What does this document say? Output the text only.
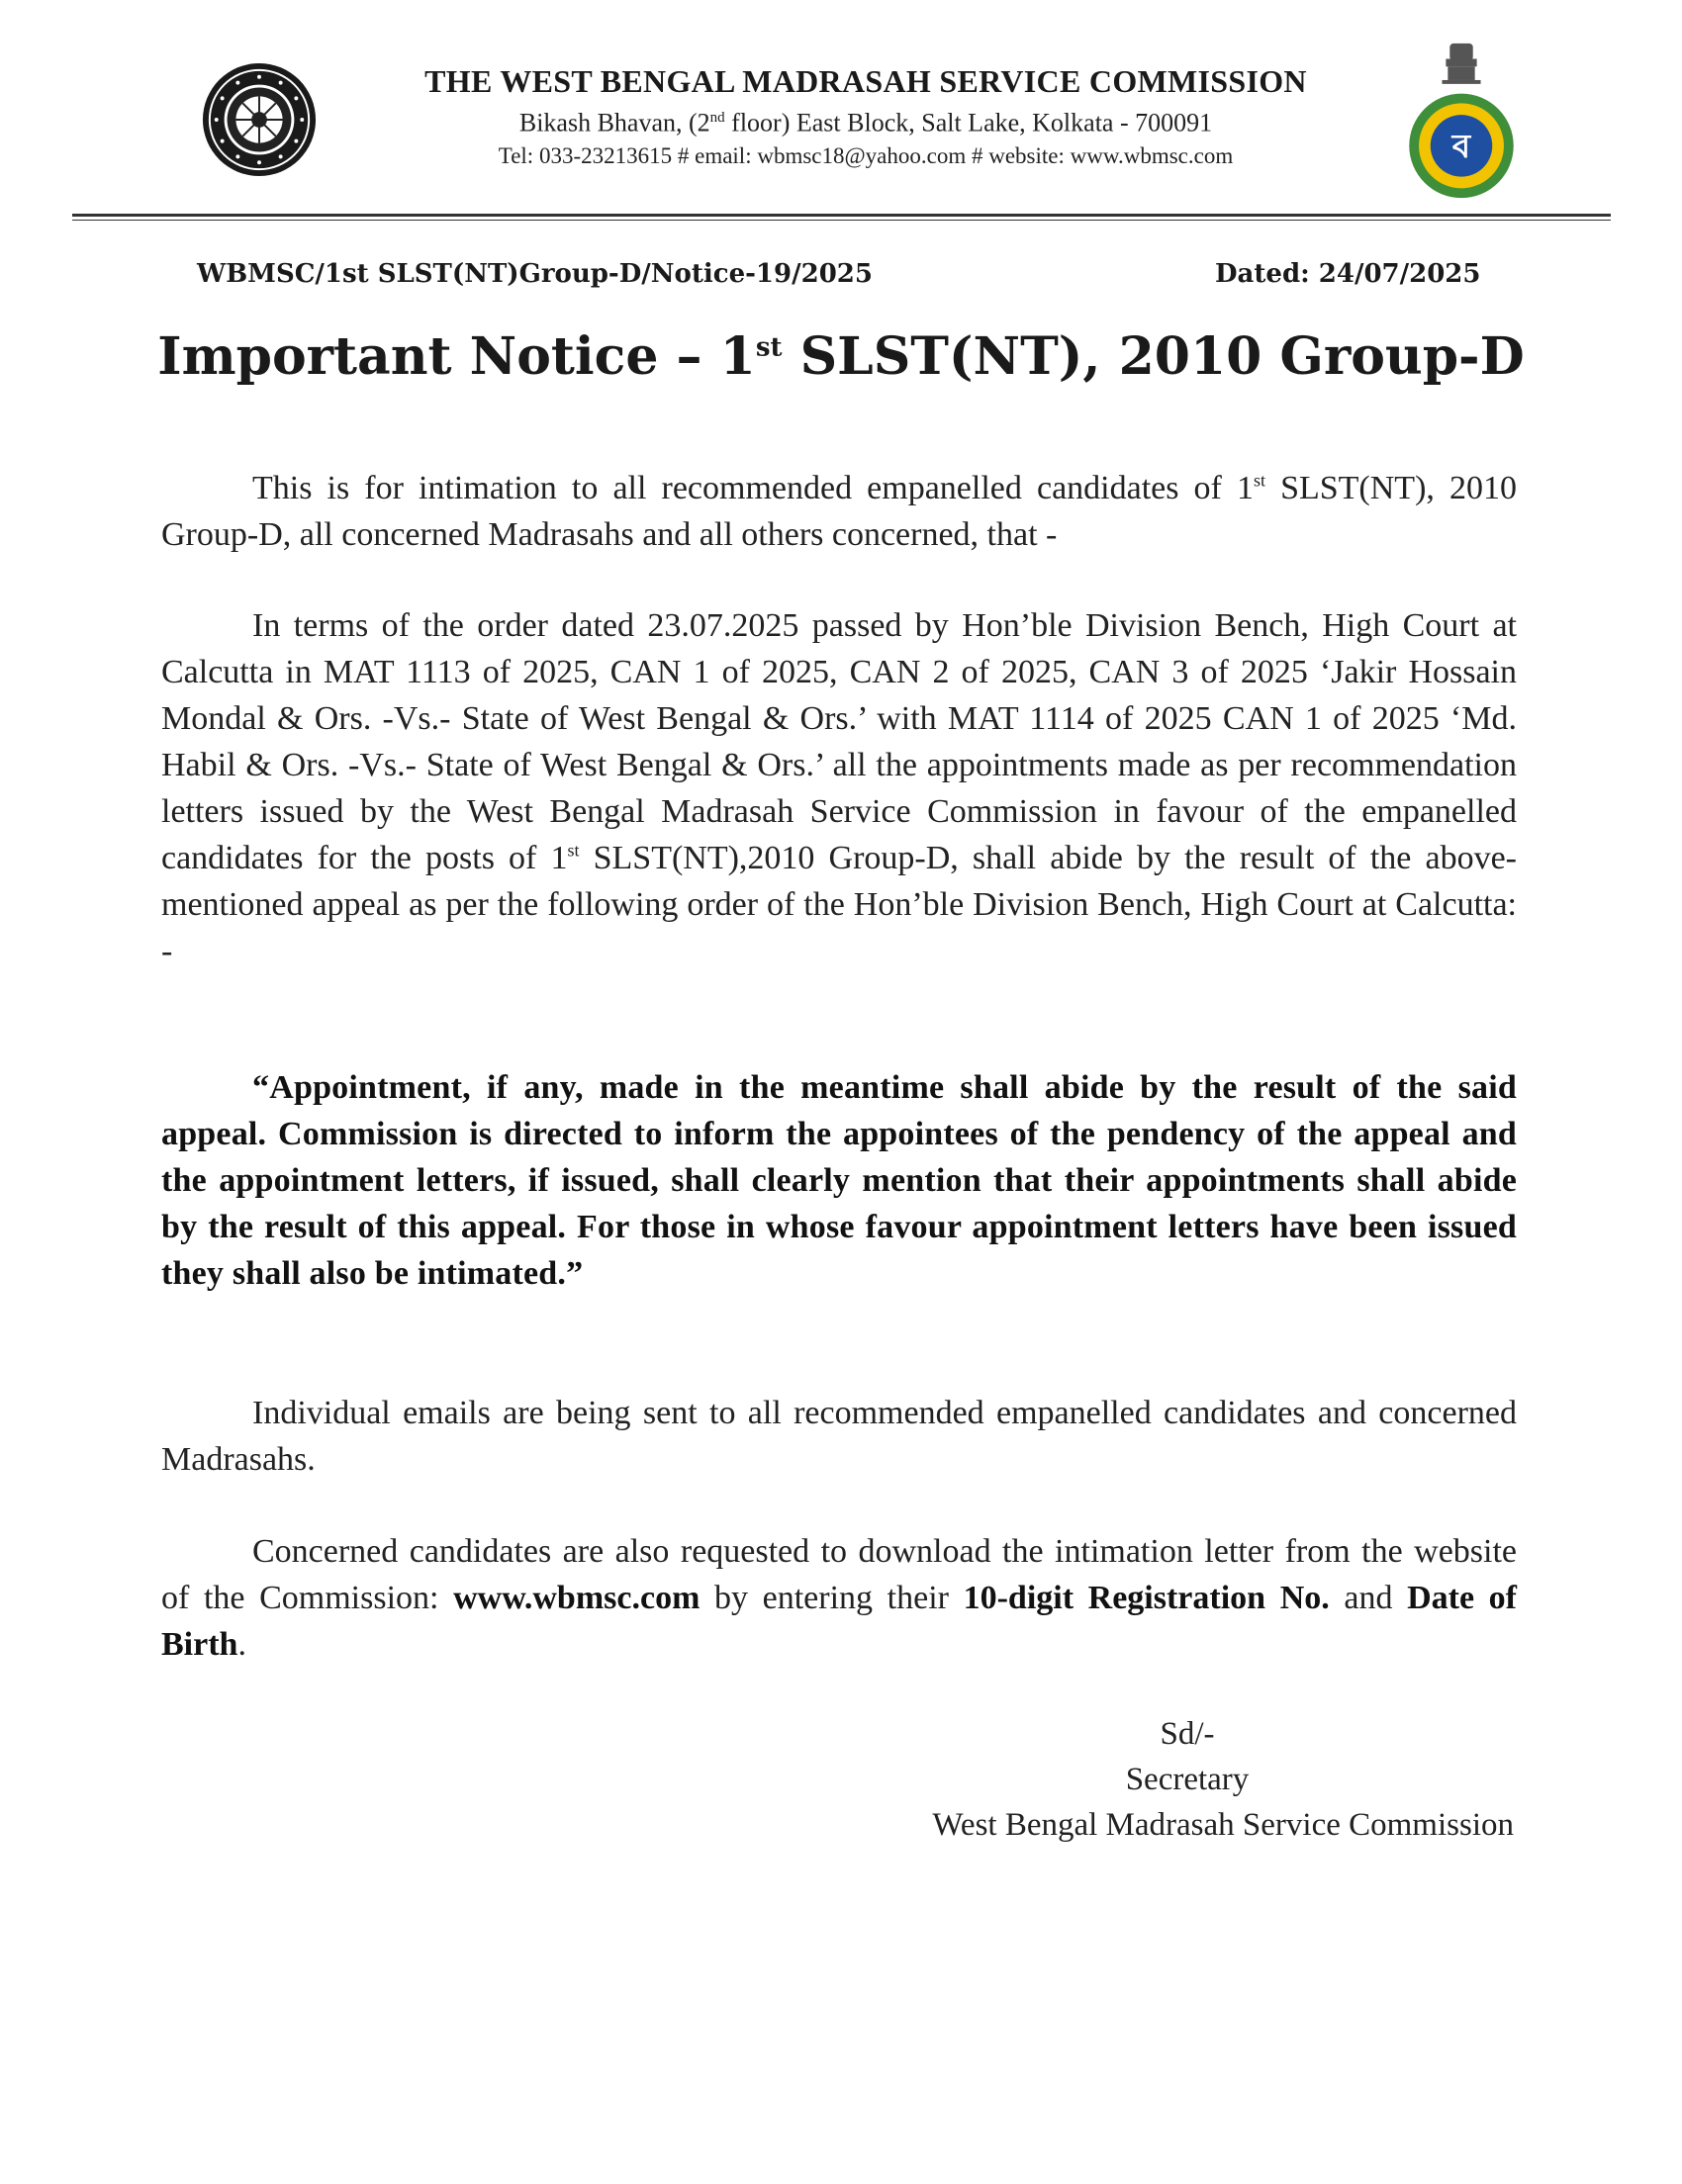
THE WEST BENGAL MADRASAH SERVICE COMMISSION
Bikash Bhavan, (2nd floor) East Block, Salt Lake, Kolkata - 700091
Tel: 033-23213615 # email: wbmsc18@yahoo.com # website: www.wbmsc.com	ব
WBMSC/1st SLST(NT)Group-D/Notice-19/2025	Dated: 24/07/2025
Important Notice – 1st SLST(NT), 2010 Group-D

This is for intimation to all recommended empanelled candidates of 1st SLST(NT), 2010 Group-D, all concerned Madrasahs and all others concerned, that -

In terms of the order dated 23.07.2025 passed by Hon’ble Division Bench, High Court at Calcutta in MAT 1113 of 2025, CAN 1 of 2025, CAN 2 of 2025, CAN 3 of 2025 ‘Jakir Hossain Mondal & Ors. -Vs.- State of West Bengal & Ors.’ with MAT 1114 of 2025 CAN 1 of 2025 ‘Md. Habil & Ors. -Vs.- State of West Bengal & Ors.’ all the appointments made as per recommendation letters issued by the West Bengal Madrasah Service Commission in favour of the empanelled candidates for the posts of 1st SLST(NT),2010 Group-D, shall abide by the result of the above-mentioned appeal as per the following order of the Hon’ble Division Bench, High Court at Calcutta: -

“Appointment, if any, made in the meantime shall abide by the result of the said appeal. Commission is directed to inform the appointees of the pendency of the appeal and the appointment letters, if issued, shall clearly mention that their appointments shall abide by the result of this appeal. For those in whose favour appointment letters have been issued they shall also be intimated.”

Individual emails are being sent to all recommended empanelled candidates and concerned Madrasahs.

Concerned candidates are also requested to download the intimation letter from the website of the Commission: www.wbmsc.com by entering their 10-digit Registration No. and Date of Birth.

Sd/-
Secretary
West Bengal Madrasah Service Commission
